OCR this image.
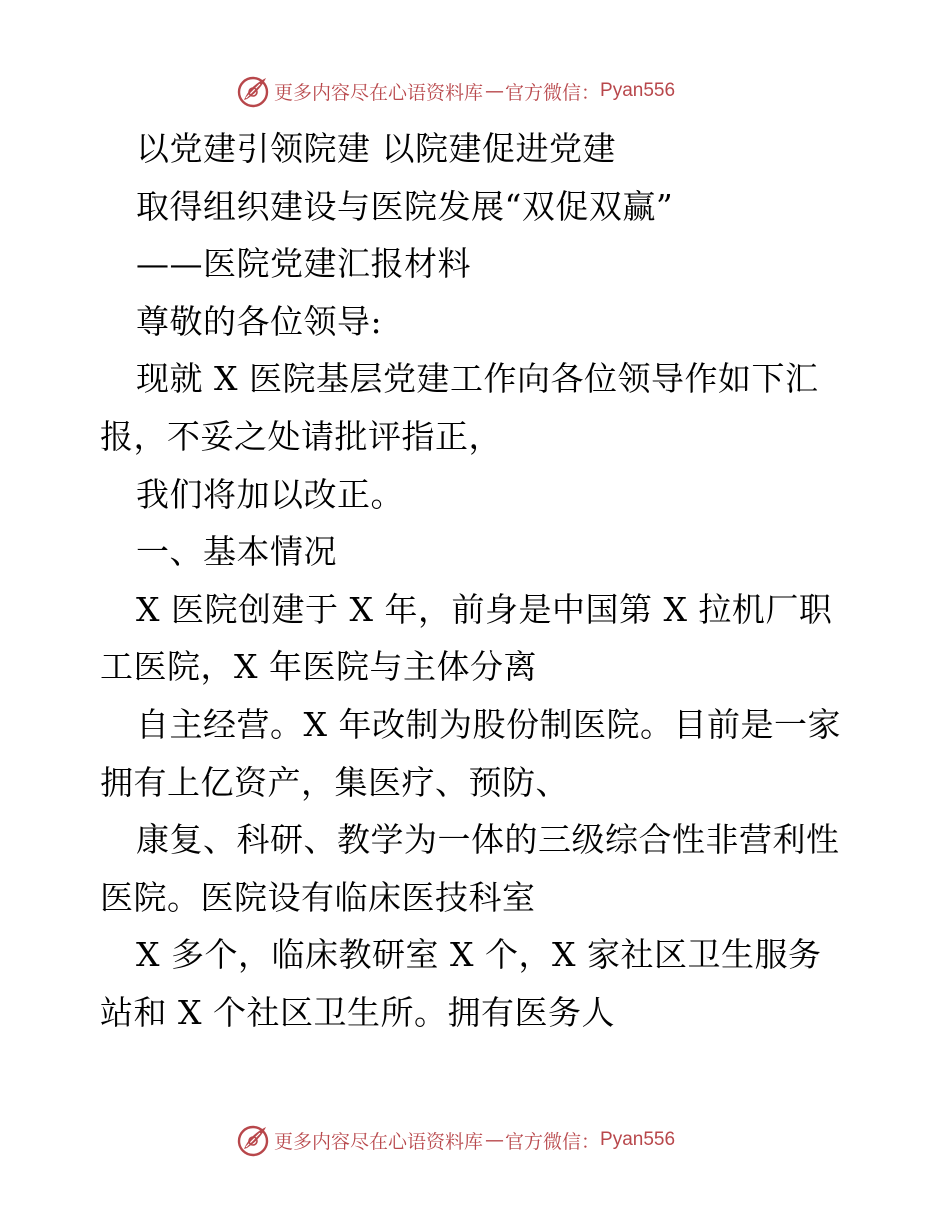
更多内容尽在心语资料库 — 官方微信： Pyan556
以党建引领院建 以院建促进党建
取得组织建设与医院发展“双促双赢”
——医院党建汇报材料
尊敬的各位领导:
现就 X 医院基层党建工作向各位领导作如下汇
报，不妥之处请批评指正，
我们将加以改正。
一、基本情况
X 医院创建于 X 年，前身是中国第 X 拉机厂职
工医院，X 年医院与主体分离
自主经营。X 年改制为股份制医院。目前是一家
拥有上亿资产，集医疗、预防、
康复、科研、教学为一体的三级综合性非营利性
医院。医院设有临床医技科室
X 多个，临床教研室 X 个，X 家社区卫生服务
站和 X 个社区卫生所。拥有医务人
更多内容尽在心语资料库 — 官方微信： Pyan556
